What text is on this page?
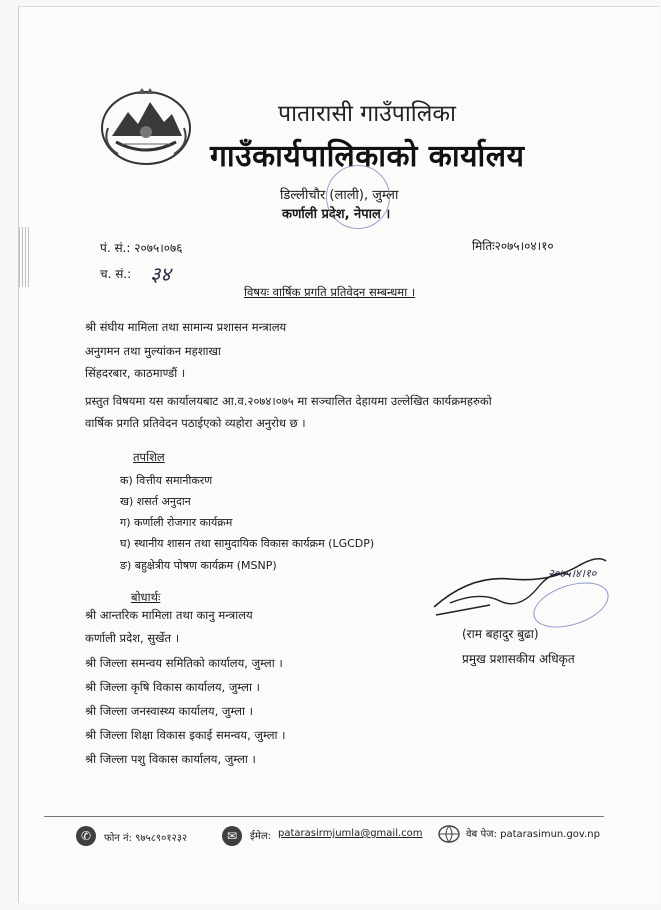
पातारासी गाउँपालिका
गाउँकार्यपालिकाको कार्यालय
डिल्लीचौर (लाली), जुम्ला
कर्णाली प्रदेश, नेपाल ।
पं. सं.: २०७५।०७६
च. सं.: ३४
मितिः२०७५।०४।१०
विषयः वार्षिक प्रगति प्रतिवेदन सम्बन्धमा ।
श्री संघीय मामिला तथा सामान्य प्रशासन मन्त्रालय
अनुगमन तथा मुल्यांकन महशाखा
सिंहदरबार, काठमाण्डौं ।
प्रस्तुत विषयमा यस कार्यालयबाट आ.व.२०७४।०७५ मा सञ्चालित देहायमा उल्लेखित कार्यक्रमहरुको
वार्षिक प्रगति प्रतिवेदन पठाईएको व्यहोरा अनुरोध छ ।
तपशिल
क) वित्तीय समानीकरण
ख) शसर्त अनुदान
ग) कर्णाली रोजगार कार्यक्रम
घ) स्थानीय शासन तथा सामुदायिक विकास कार्यक्रम (LGCDP)
ङ) बहुक्षेत्रीय पोषण कार्यक्रम (MSNP)
बोधार्थः
श्री आन्तरिक मामिला तथा कानु मन्त्रालय
कर्णाली प्रदेश, सुर्खेत ।
श्री जिल्ला समन्वय समितिको कार्यालय, जुम्ला ।
श्री जिल्ला कृषि विकास कार्यालय, जुम्ला ।
श्री जिल्ला जनस्वास्थ्य कार्यालय, जुम्ला ।
श्री जिल्ला शिक्षा विकास इकाई समन्वय, जुम्ला ।
श्री जिल्ला पशु विकास कार्यालय, जुम्ला ।
२०७५।४।१०
(राम बहादुर बुढा)
प्रमुख प्रशासकीय अधिकृत
✆	फोन नं: ९७५८९०१२३२	✉	ईमेल: patarasirmjumla@gmail.com	वेब पेज: patarasimun.gov.np
